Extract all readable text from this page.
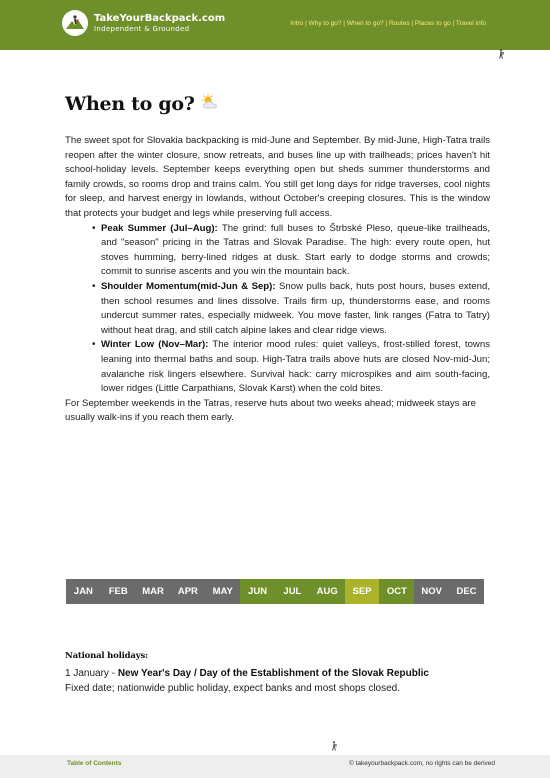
TakeYourBackpack.com
Independent & Grounded
Intro | Why to go? | When to go? | Routes | Places to go | Travel info
When to go?

The sweet spot for Slovakia backpacking is mid-June and September. By mid-June, High-Tatra trails reopen after the winter closure, snow retreats, and buses line up with trailheads; prices haven't hit school-holiday levels. September keeps everything open but sheds summer thunderstorms and family crowds, so rooms drop and trains calm. You still get long days for ridge traverses, cool nights for sleep, and harvest energy in lowlands, without October's creeping closures. This is the window that protects your budget and legs while preserving full access.

• Peak Summer (Jul–Aug): The grind: full buses to Štrbské Pleso, queue-like trailheads, and "season" pricing in the Tatras and Slovak Paradise. The high: every route open, hut stoves humming, berry-lined ridges at dusk. Start early to dodge storms and crowds; commit to sunrise ascents and you win the mountain back.
• Shoulder Momentum(mid-Jun & Sep): Snow pulls back, huts post hours, buses extend, then school resumes and lines dissolve. Trails firm up, thunderstorms ease, and rooms undercut summer rates, especially midweek. You move faster, link ranges (Fatra to Tatry) without heat drag, and still catch alpine lakes and clear ridge views.
• Winter Low (Nov–Mar): The interior mood rules: quiet valleys, frost-stilled forest, towns leaning into thermal baths and soup. High-Tatra trails above huts are closed Nov-mid-Jun; avalanche risk lingers elsewhere. Survival hack: carry microspikes and aim south-facing, lower ridges (Little Carpathians, Slovak Karst) when the cold bites.

For September weekends in the Tatras, reserve huts about two weeks ahead; midweek stays are usually walk-ins if you reach them early.

JAN	FEB	MAR	APR	MAY	JUN	JUL	AUG	SEP	OCT	NOV	DEC
National holidays:
1 January - New Year's Day / Day of the Establishment of the Slovak Republic
Fixed date; nationwide public holiday, expect banks and most shops closed.
Table of Contents	© takeyourbackpack.com, no rights can be derived
